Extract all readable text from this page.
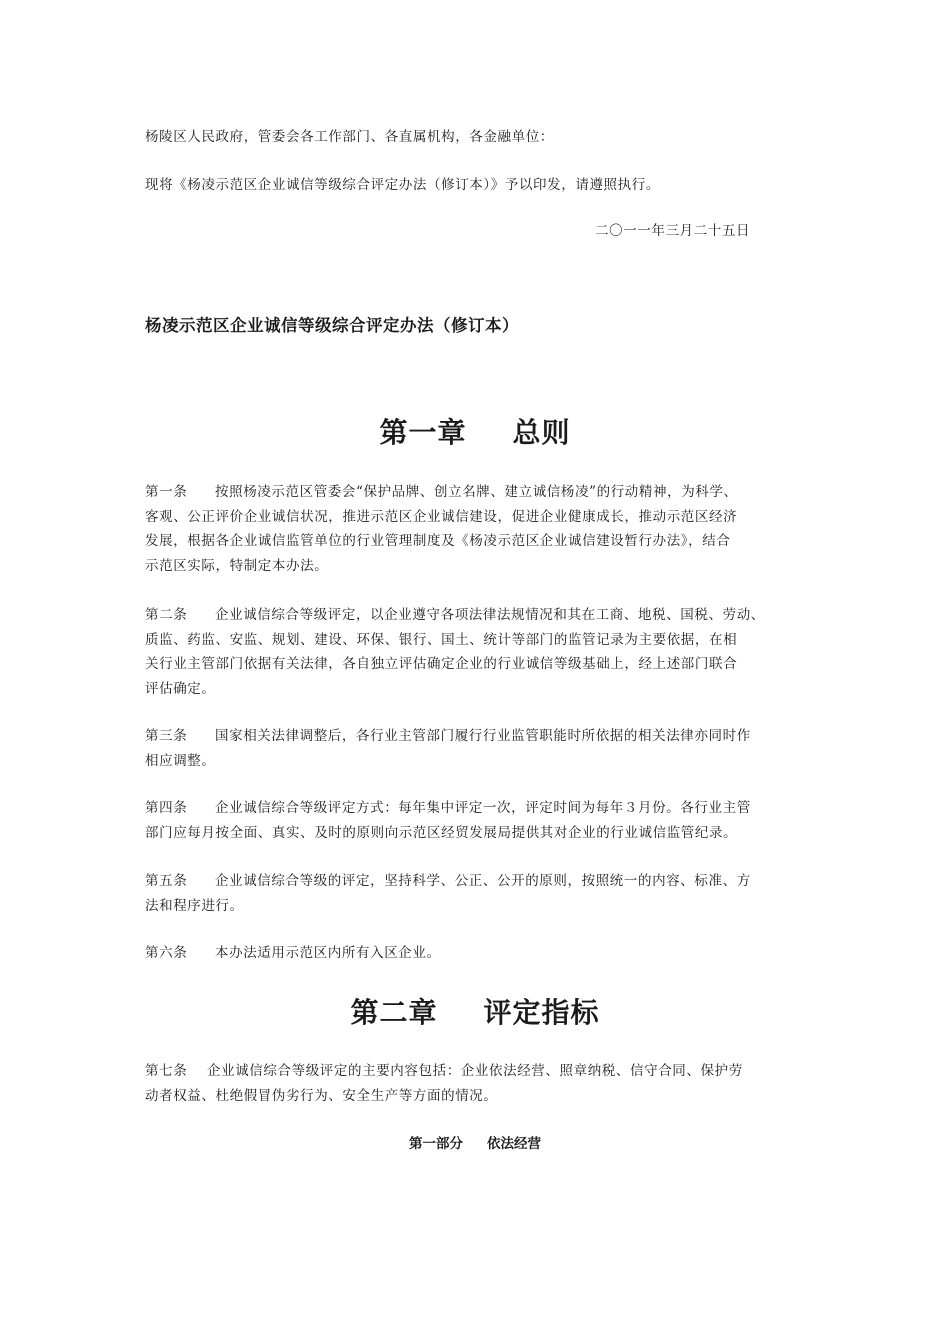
杨陵区人民政府，管委会各工作部门、各直属机构，各金融单位：
现将《杨凌示范区企业诚信等级综合评定办法（修订本）》予以印发，请遵照执行。
二〇一一年三月二十五日
杨凌示范区企业诚信等级综合评定办法（修订本）
第一章 总则
第一条 按照杨凌示范区管委会“保护品牌、创立名牌、建立诚信杨凌”的行动精神，为科学、
客观、公正评价企业诚信状况，推进示范区企业诚信建设，促进企业健康成长，推动示范区经济
发展，根据各企业诚信监管单位的行业管理制度及《杨凌示范区企业诚信建设暂行办法》，结合
示范区实际，特制定本办法。
第二条 企业诚信综合等级评定，以企业遵守各项法律法规情况和其在工商、地税、国税、劳动、
质监、药监、安监、规划、建设、环保、银行、国土、统计等部门的监管记录为主要依据，在相
关行业主管部门依据有关法律，各自独立评估确定企业的行业诚信等级基础上，经上述部门联合
评估确定。
第三条 国家相关法律调整后，各行业主管部门履行行业监管职能时所依据的相关法律亦同时作
相应调整。
第四条 企业诚信综合等级评定方式：每年集中评定一次，评定时间为每年３月份。各行业主管
部门应每月按全面、真实、及时的原则向示范区经贸发展局提供其对企业的行业诚信监管纪录。
第五条 企业诚信综合等级的评定，坚持科学、公正、公开的原则，按照统一的内容、标准、方
法和程序进行。
第六条 本办法适用示范区内所有入区企业。
第二章 评定指标
第七条 企业诚信综合等级评定的主要内容包括：企业依法经营、照章纳税、信守合同、保护劳
动者权益、杜绝假冒伪劣行为、安全生产等方面的情况。
第一部分 依法经营
